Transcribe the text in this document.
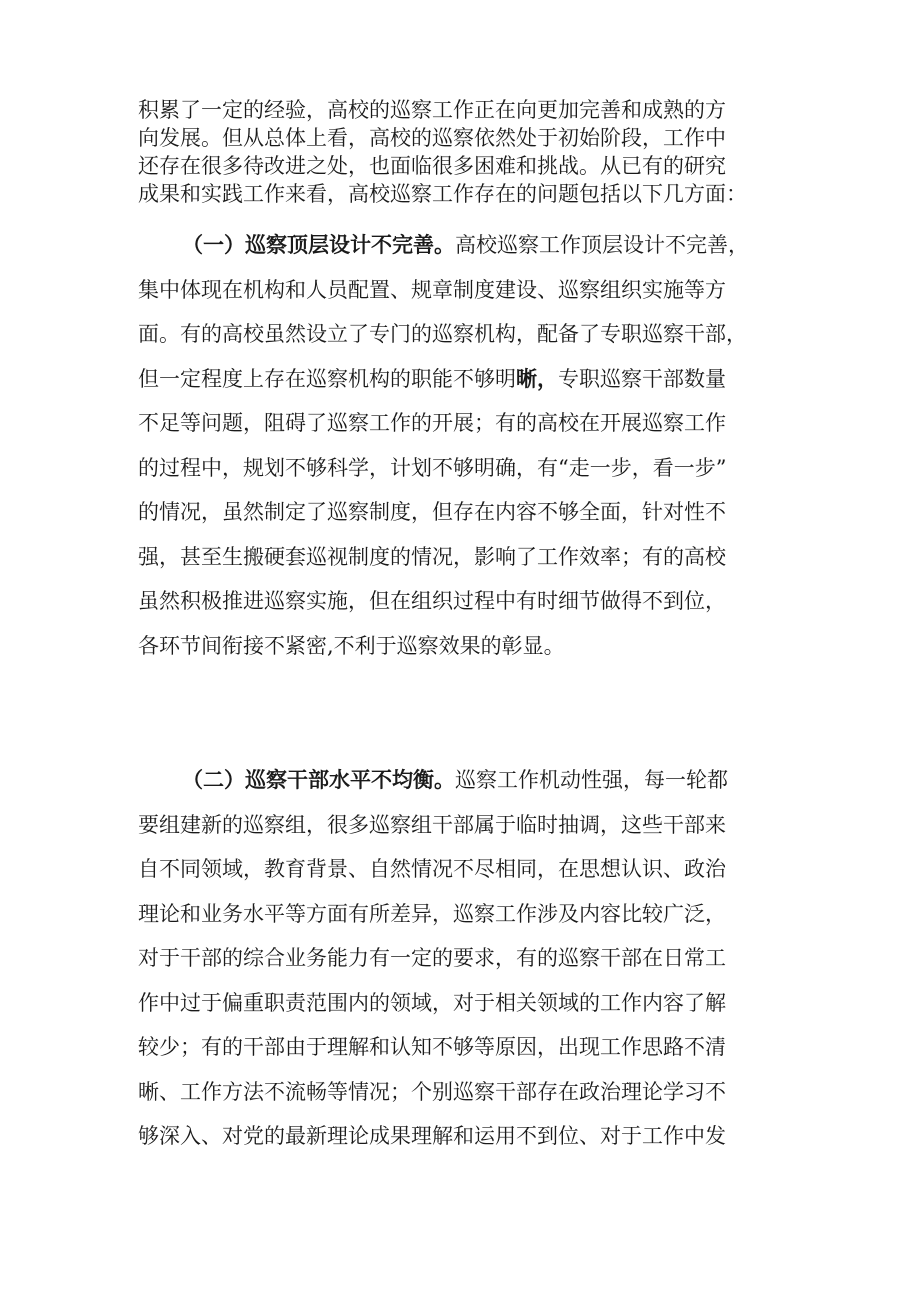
积累了一定的经验，高校的巡察工作正在向更加完善和成熟的方
向发展。但从总体上看，高校的巡察依然处于初始阶段，工作中
还存在很多待改进之处，也面临很多困难和挑战。从已有的研究
成果和实践工作来看，高校巡察工作存在的问题包括以下几方面：
（一）巡察顶层设计不完善。高校巡察工作顶层设计不完善，
集中体现在机构和人员配置、规章制度建设、巡察组织实施等方
面。有的高校虽然设立了专门的巡察机构，配备了专职巡察干部，
但一定程度上存在巡察机构的职能不够明晰，专职巡察干部数量
不足等问题，阻碍了巡察工作的开展；有的高校在开展巡察工作
的过程中，规划不够科学，计划不够明确，有“走一步，看一步”
的情况，虽然制定了巡察制度，但存在内容不够全面，针对性不
强，甚至生搬硬套巡视制度的情况，影响了工作效率；有的高校
虽然积极推进巡察实施，但在组织过程中有时细节做得不到位，
各环节间衔接不紧密,不利于巡察效果的彰显。
（二）巡察干部水平不均衡。巡察工作机动性强，每一轮都
要组建新的巡察组，很多巡察组干部属于临时抽调，这些干部来
自不同领域，教育背景、自然情况不尽相同，在思想认识、政治
理论和业务水平等方面有所差异，巡察工作涉及内容比较广泛，
对于干部的综合业务能力有一定的要求，有的巡察干部在日常工
作中过于偏重职责范围内的领域，对于相关领域的工作内容了解
较少；有的干部由于理解和认知不够等原因，出现工作思路不清
晰、工作方法不流畅等情况；个别巡察干部存在政治理论学习不
够深入、对党的最新理论成果理解和运用不到位、对于工作中发
